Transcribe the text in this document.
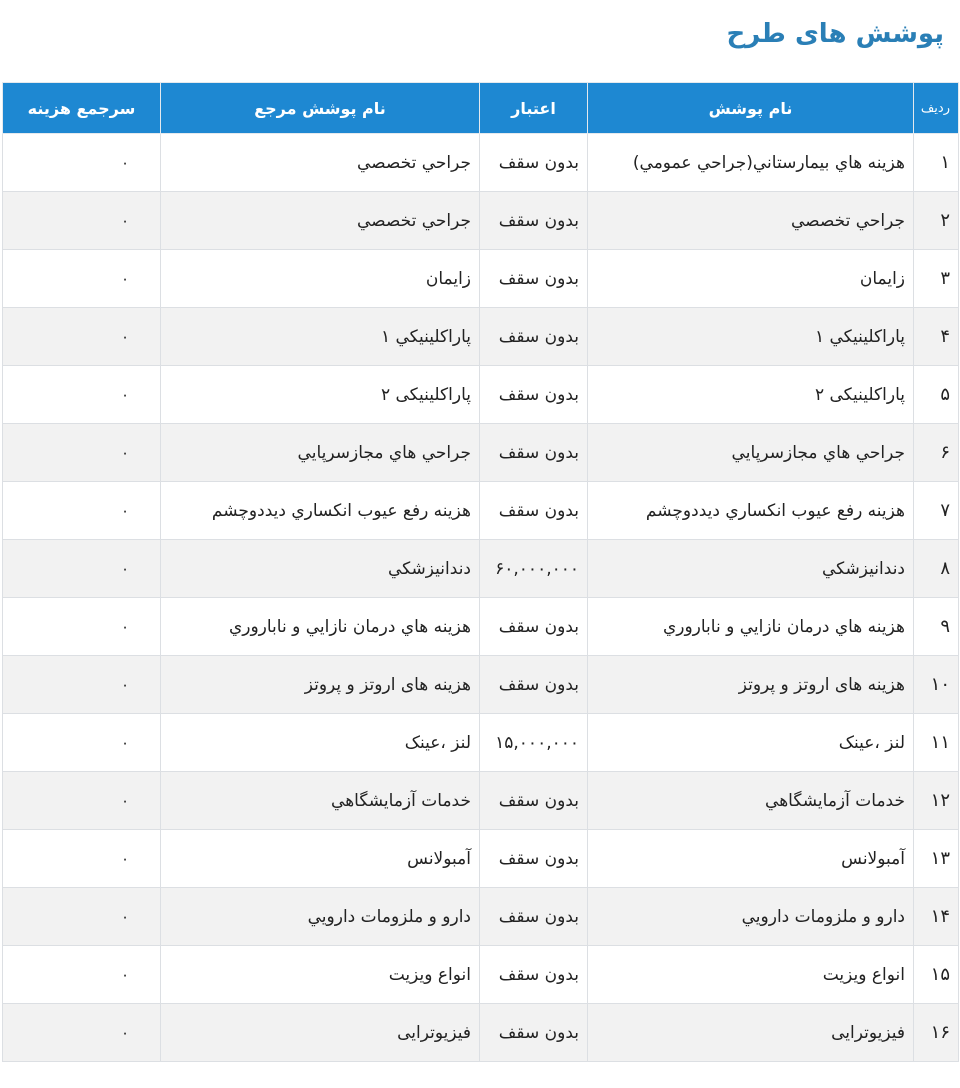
پوشش های طرح
رديف	نام پوشش	اعتبار	نام پوشش مرجع	سرجمع هزينه
۱	هزينه هاي بيمارستاني(جراحي عمومي)	بدون سقف	جراحي تخصصي	۰
۲	جراحي تخصصي	بدون سقف	جراحي تخصصي	۰
۳	زايمان	بدون سقف	زايمان	۰
۴	پاراكلينيكي ۱	بدون سقف	پاراكلينيكي ۱	۰
۵	پاراکلینیکی ۲	بدون سقف	پاراکلینیکی ۲	۰
۶	جراحي هاي مجازسرپايي	بدون سقف	جراحي هاي مجازسرپايي	۰
۷	هزينه رفع عيوب انكساري ديددوچشم	بدون سقف	هزينه رفع عيوب انكساري ديددوچشم	۰
۸	دندانيزشكي	۶۰,۰۰۰,۰۰۰	دندانيزشكي	۰
۹	هزينه هاي درمان نازايي و ناباروري	بدون سقف	هزينه هاي درمان نازايي و ناباروري	۰
۱۰	هزینه های اروتز و پروتز	بدون سقف	هزینه های اروتز و پروتز	۰
۱۱	لنز ،عینک	۱۵,۰۰۰,۰۰۰	لنز ،عینک	۰
۱۲	خدمات آزمايشگاهي	بدون سقف	خدمات آزمايشگاهي	۰
۱۳	آمبولانس	بدون سقف	آمبولانس	۰
۱۴	دارو و ملزومات دارويي	بدون سقف	دارو و ملزومات دارويي	۰
۱۵	انواع ويزيت	بدون سقف	انواع ويزيت	۰
۱۶	فیزیوترایی	بدون سقف	فیزیوترایی	۰
